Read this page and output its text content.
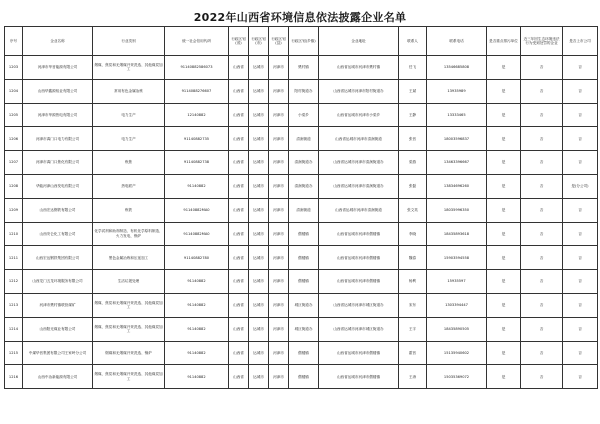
2022年山西省环境信息依法披露企业名单
序号	企业名称	行业类别	统一社会信用代码	行政区划(省)	行政区划(市)	行政区划(县)	行政区划(乡镇)	企业地址	联系人	联系电话	是否重点排污单位	近三年因生态环境违法行为受到处罚的企业	是否上市公司
1203	河津市华晋能源有限公司	烟煤、焦炭和无烟煤开采洗选、其他煤炭加工	91140882586073	山西省	运城市	河津市	樊村镇	山西省运城市河津市樊村镇	任飞	13546685808	是	否	否
1204	山西华鑫源铝业有限公司	常用有色金属冶炼	9114088276607	山西省	运城市	河津市	阳村街道办	山西省运城市河津市阳村街道办	王斌	13935989	是	否	否
1205	河津市华源热电有限公司	电力生产	12140882	山西省	运城市	河津市	小梁乡	山西省运城市河津市小梁乡	王静	13333465	是	否	否
1206	河津市禹门口电力有限公司	电力生产	91140882735	山西省	运城市	河津市	清涧街道	山西省运城市河津市清涧街道	张晋	18003596837	是	否	否
1207	河津市禹门口焦化有限公司	炼焦	91140882738	山西省	运城市	河津市	清涧街道办	山西省运城市河津市清涧街道办	梁燕	13463396667	是	否	否
1208	华能河津山西发电有限公司	热电联产	91140882	山西省	运城市	河津市	清涧街道办	山西省运城市河津市清涧街道办	张磊	13834696260	是	否	是(分公司)
1209	山西宏达钢铁有限公司	炼铁	91140882MA0	山西省	运城市	河津市	清涧街道	山西省运城市河津市清涧街道	张文英	18035996350	是	否	否
1210	山西安仑化工有限公司	化学试剂和助剂制造、有机化学原料制造、火力发电、锅炉	91140882MA0	山西省	运城市	河津市	僧楼镇	山西省运城市河津市僧楼镇	李晓	18435893618	是	否	否
1211	山西宏达钢铁集团有限公司	黑色金属冶炼和压延加工	91140882780	山西省	运城市	河津市	僧楼镇	山西省运城市河津市僧楼镇	魏春	15903594558	是	否	否
1212	山西龙门五龙环境服务有限公司	生活垃圾处理	91140882	山西省	运城市	河津市	僧楼镇	山西省运城市河津市僧楼镇	杨利	15935597	是	否	否
1213	河津市樊村镇联营煤矿	烟煤、焦炭和无烟煤开采洗选、其他煤炭加工	91140882	山西省	运城市	河津市	城区街道办	山西省运城市河津市城区街道办	宋东	1303394447	是	否	否
1214	山西阳光煤业有限公司	烟煤、焦炭和无烟煤开采洗选、其他煤炭加工	91140882	山西省	运城市	河津市	城区街道办	山西省运城市河津市城区街道办	王宇	18435890505	是	否	否
1215	中煤华晋集团有限公司王家岭分公司	烟煤和无烟煤开采洗选、锅炉	91140882	山西省	运城市	河津市	僧楼镇	山西省运城市河津市僧楼镇	霍晋	15135940602	是	否	否
1216	山西中冶新能源有限公司	烟煤、焦炭和无烟煤开采洗选、其他煤炭加工	91140882	山西省	运城市	河津市	僧楼镇	山西省运城市河津市僧楼镇	王涛	15035369072	是	否	否
